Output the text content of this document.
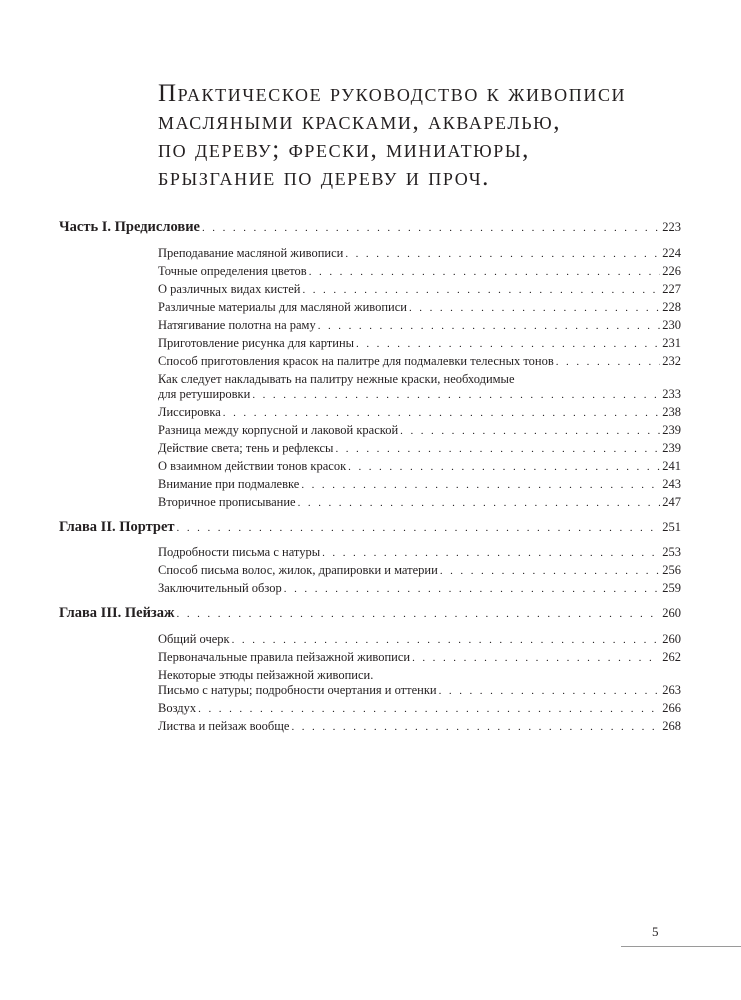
Практическое руководство к живописи
масляными красками, акварелью,
по дереву; фрески, миниатюры,
брызгание по дереву и проч.
Часть I. Предисловие . . .	223
Преподавание масляной живописи . . .	224
Точные определения цветов . . .	226
О различных видах кистей . . .	227
Различные материалы для масляной живописи . . .	228
Натягивание полотна на раму . . .	230
Приготовление рисунка для картины . . .	231
Способ приготовления красок на палитре для подмалевки телесных тонов . . .	232
Как следует накладывать на палитру нежные краски, необходимые
для ретушировки . . .	233
Лиссировка . . .	238
Разница между корпусной и лаковой краской . . .	239
Действие света; тень и рефлексы . . .	239
О взаимном действии тонов красок . . .	241
Внимание при подмалевке . . .	243
Вторичное прописывание . . .	247
Глава II. Портрет . . .	251
Подробности письма с натуры . . .	253
Способ письма волос, жилок, драпировки и материи . . .	256
Заключительный обзор . . .	259
Глава III. Пейзаж . . .	260
Общий очерк . . .	260
Первоначальные правила пейзажной живописи . . .	262
Некоторые этюды пейзажной живописи.
Письмо с натуры; подробности очертания и оттенки . . .	263
Воздух . . .	266
Листва и пейзаж вообще . . .	268
5
